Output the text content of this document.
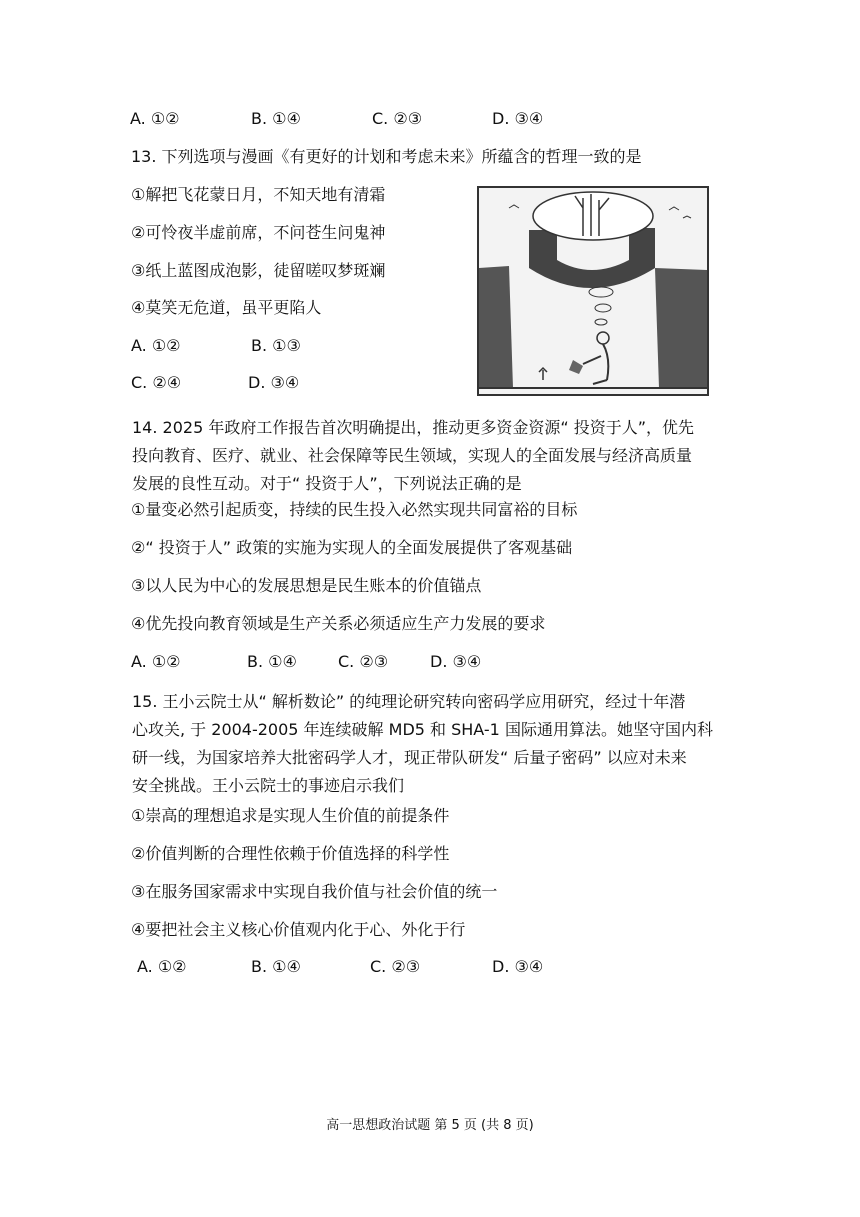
A. ①②	B. ①④	C. ②③	D. ③④
13. 下列选项与漫画《有更好的计划和考虑未来》所蕴含的哲理一致的是
①解把飞花蒙日月，不知天地有清霜
②可怜夜半虚前席，不问苍生问鬼神
③纸上蓝图成泡影，徒留嗟叹梦斑斓
④莫笑无危道，虽平更陷人
A. ①②	B. ①③
C. ②④	D. ③④
14. 2025 年政府工作报告首次明确提出，推动更多资金资源“ 投资于人”，优先
投向教育、医疗、就业、社会保障等民生领域，实现人的全面发展与经济高质量
发展的良性互动。对于“ 投资于人”，下列说法正确的是
①量变必然引起质变，持续的民生投入必然实现共同富裕的目标
②“ 投资于人” 政策的实施为实现人的全面发展提供了客观基础
③以人民为中心的发展思想是民生账本的价值锚点
④优先投向教育领域是生产关系必须适应生产力发展的要求
A. ①②	B. ①④	C. ②③	D. ③④
15. 王小云院士从“ 解析数论” 的纯理论研究转向密码学应用研究，经过十年潜
心攻关, 于 2004-2005 年连续破解 MD5 和 SHA-1 国际通用算法。她坚守国内科
研一线，为国家培养大批密码学人才，现正带队研发“ 后量子密码” 以应对未来
安全挑战。王小云院士的事迹启示我们
①崇高的理想追求是实现人生价值的前提条件
②价值判断的合理性依赖于价值选择的科学性
③在服务国家需求中实现自我价值与社会价值的统一
④要把社会主义核心价值观内化于心、外化于行
A. ①②	B. ①④	C. ②③	D. ③④
高一思想政治试题 第 5 页 (共 8 页)
